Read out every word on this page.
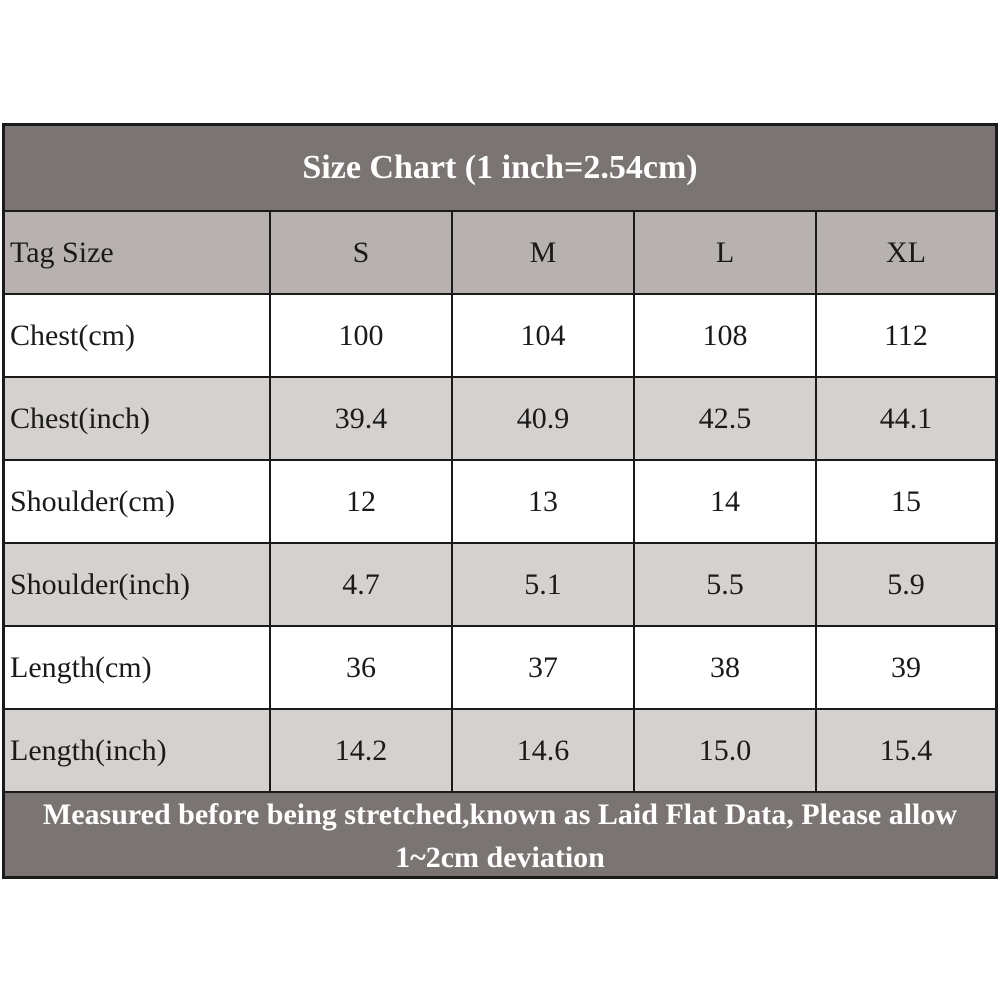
Size Chart (1 inch=2.54cm)
Tag Size	S	M	L	XL
Chest(cm)	100	104	108	112
Chest(inch)	39.4	40.9	42.5	44.1
Shoulder(cm)	12	13	14	15
Shoulder(inch)	4.7	5.1	5.5	5.9
Length(cm)	36	37	38	39
Length(inch)	14.2	14.6	15.0	15.4
Measured before being stretched,known as Laid Flat Data, Please allow 1~2cm deviation
